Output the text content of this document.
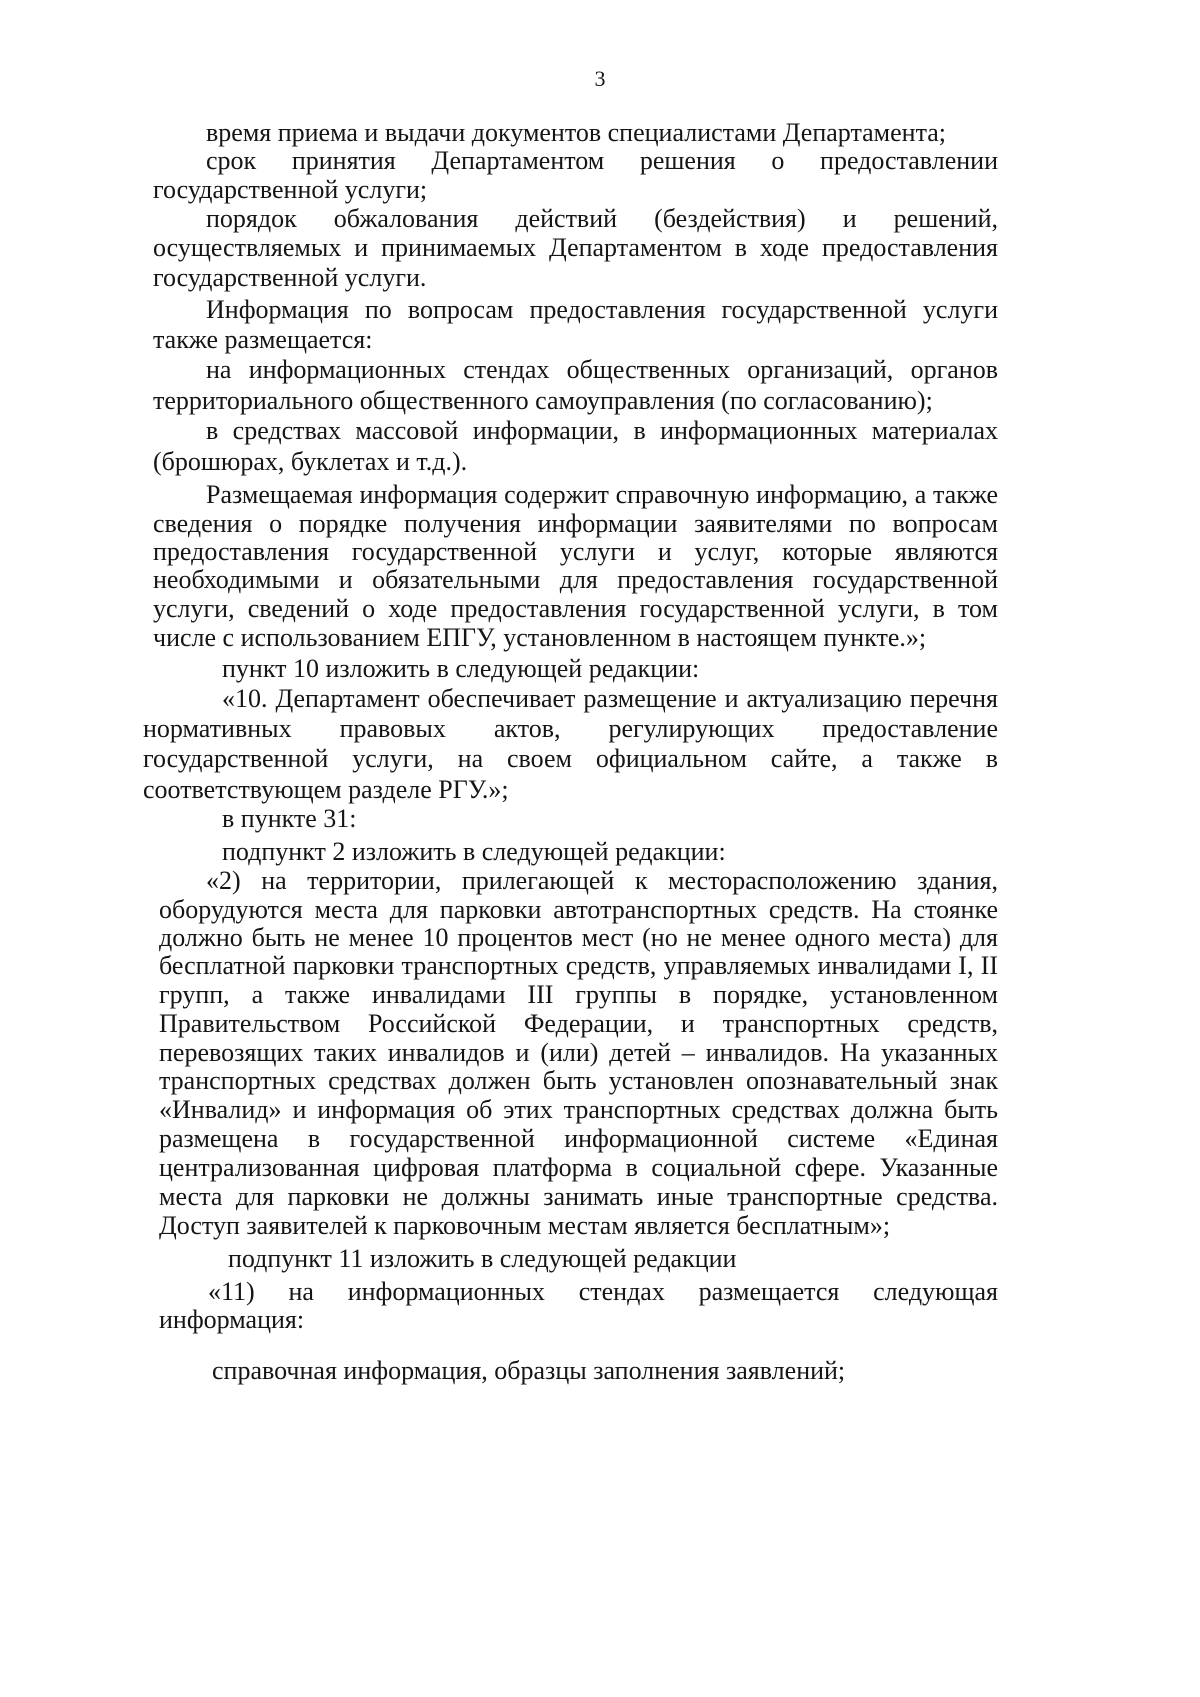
3
время приема и выдачи документов специалистами Департамента;
срок принятия Департаментом решения о предоставлении
государственной услуги;
порядок обжалования действий (бездействия) и решений,
осуществляемых и принимаемых Департаментом в ходе предоставления
государственной услуги.
Информация по вопросам предоставления государственной услуги
также размещается:
на информационных стендах общественных организаций, органов
территориального общественного самоуправления (по согласованию);
в средствах массовой информации, в информационных материалах
(брошюрах, буклетах и т.д.).
Размещаемая информация содержит справочную информацию, а также
сведения о порядке получения информации заявителями по вопросам
предоставления государственной услуги и услуг, которые являются
необходимыми и обязательными для предоставления государственной
услуги, сведений о ходе предоставления государственной услуги, в том
числе с использованием ЕПГУ, установленном в настоящем пункте.»;
пункт 10 изложить в следующей редакции:
«10. Департамент обеспечивает размещение и актуализацию перечня
нормативных правовых актов, регулирующих предоставление
государственной услуги, на своем официальном сайте, а также в
соответствующем разделе РГУ.»;
в пункте 31:
подпункт 2 изложить в следующей редакции:
«2) на территории, прилегающей к месторасположению здания,
оборудуются места для парковки автотранспортных средств. На стоянке
должно быть не менее 10 процентов мест (но не менее одного места) для
бесплатной парковки транспортных средств, управляемых инвалидами I, II
групп, а также инвалидами III группы в порядке, установленном
Правительством Российской Федерации, и транспортных средств,
перевозящих таких инвалидов и (или) детей – инвалидов. На указанных
транспортных средствах должен быть установлен опознавательный знак
«Инвалид» и информация об этих транспортных средствах должна быть
размещена в государственной информационной системе «Единая
централизованная цифровая платформа в социальной сфере. Указанные
места для парковки не должны занимать иные транспортные средства.
Доступ заявителей к парковочным местам является бесплатным»;
подпункт 11 изложить в следующей редакции
«11) на информационных стендах размещается следующая
информация:
справочная информация, образцы заполнения заявлений;
